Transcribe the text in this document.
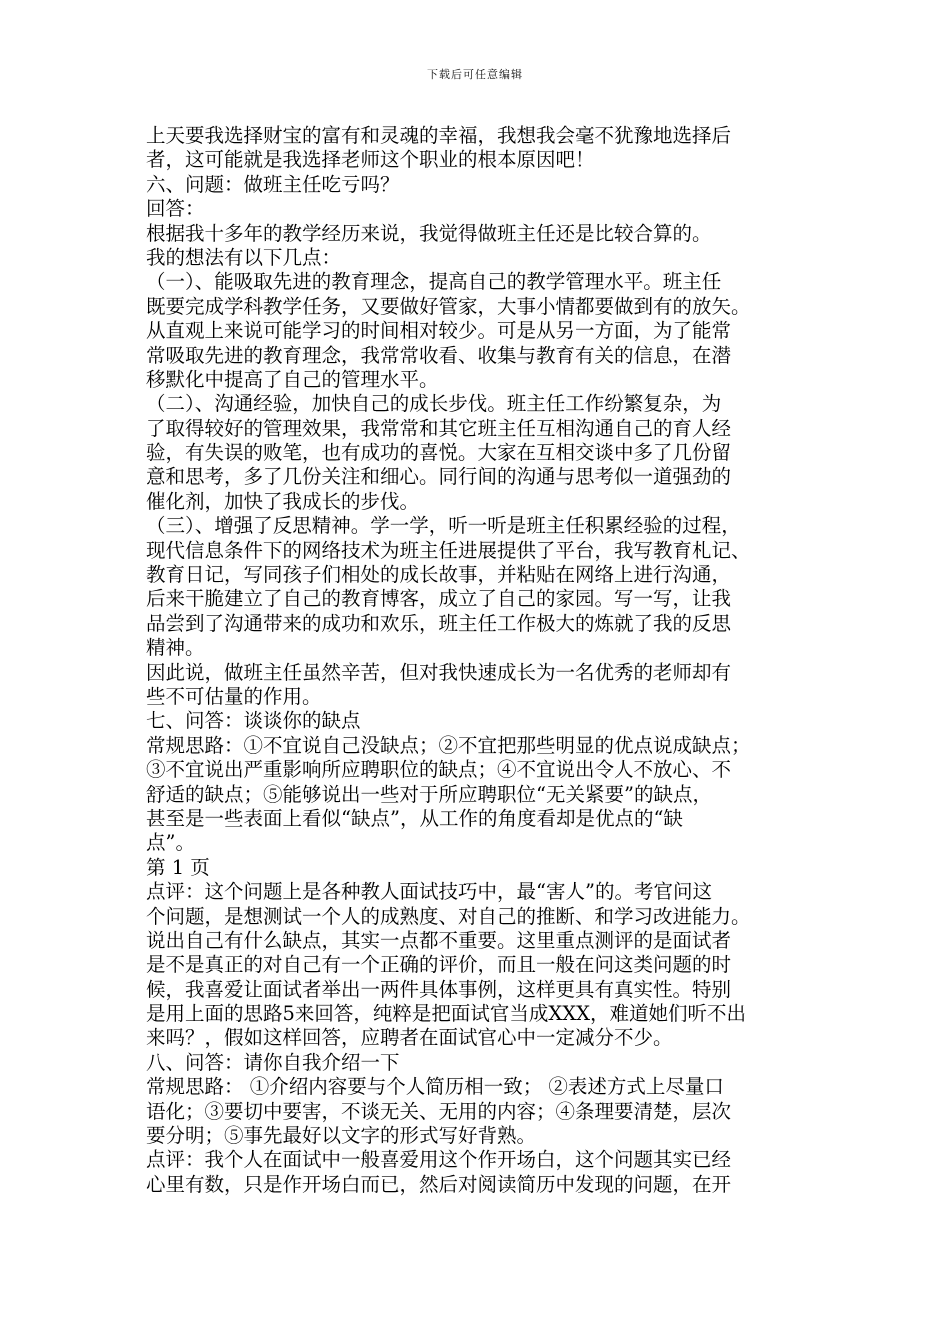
下载后可任意编辑
上天要我选择财宝的富有和灵魂的幸福，我想我会毫不犹豫地选择后
者，这可能就是我选择老师这个职业的根本原因吧！
六、问题：做班主任吃亏吗？
回答：
根据我十多年的教学经历来说，我觉得做班主任还是比较合算的。
我的想法有以下几点：
（一）、能吸取先进的教育理念，提高自己的教学管理水平。班主任
既要完成学科教学任务，又要做好管家，大事小情都要做到有的放矢。
从直观上来说可能学习的时间相对较少。可是从另一方面，为了能常
常吸取先进的教育理念，我常常收看、收集与教育有关的信息，在潜
移默化中提高了自己的管理水平。
（二）、沟通经验，加快自己的成长步伐。班主任工作纷繁复杂，为
了取得较好的管理效果，我常常和其它班主任互相沟通自己的育人经
验，有失误的败笔，也有成功的喜悦。大家在互相交谈中多了几份留
意和思考，多了几份关注和细心。同行间的沟通与思考似一道强劲的
催化剂，加快了我成长的步伐。
（三）、增强了反思精神。学一学，听一听是班主任积累经验的过程，
现代信息条件下的网络技术为班主任进展提供了平台，我写教育札记、
教育日记，写同孩子们相处的成长故事，并粘贴在网络上进行沟通，
后来干脆建立了自己的教育博客，成立了自己的家园。写一写，让我
品尝到了沟通带来的成功和欢乐，班主任工作极大的炼就了我的反思
精神。
因此说，做班主任虽然辛苦，但对我快速成长为一名优秀的老师却有
些不可估量的作用。
七、问答：谈谈你的缺点
常规思路：①不宜说自己没缺点；②不宜把那些明显的优点说成缺点；
③不宜说出严重影响所应聘职位的缺点；④不宜说出令人不放心、不
舒适的缺点；⑤能够说出一些对于所应聘职位“无关紧要”的缺点，
甚至是一些表面上看似“缺点”，从工作的角度看却是优点的“缺
点”。
第 1 页
点评：这个问题上是各种教人面试技巧中，最“害人”的。考官问这
个问题，是想测试一个人的成熟度、对自己的推断、和学习改进能力。
说出自己有什么缺点，其实一点都不重要。这里重点测评的是面试者
是不是真正的对自己有一个正确的评价，而且一般在问这类问题的时
候，我喜爱让面试者举出一两件具体事例，这样更具有真实性。特别
是用上面的思路5来回答，纯粹是把面试官当成XXX，难道她们听不出
来吗？，假如这样回答，应聘者在面试官心中一定减分不少。
八、问答：请你自我介绍一下
常规思路： ①介绍内容要与个人简历相一致； ②表述方式上尽量口
语化；③要切中要害，不谈无关、无用的内容；④条理要清楚，层次
要分明；⑤事先最好以文字的形式写好背熟。
点评：我个人在面试中一般喜爱用这个作开场白，这个问题其实已经
心里有数，只是作开场白而已，然后对阅读简历中发现的问题，在开
